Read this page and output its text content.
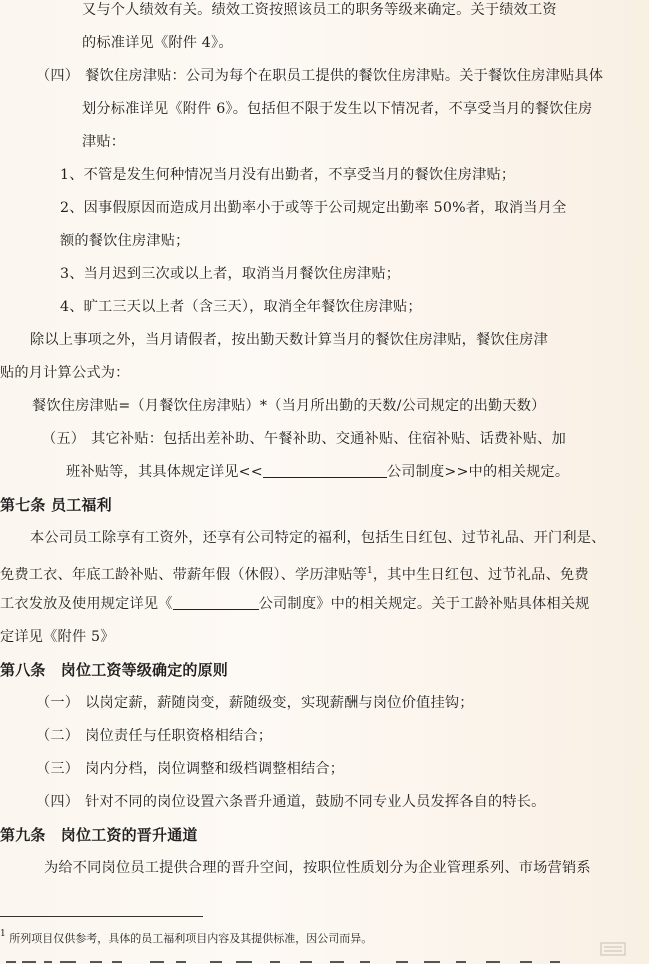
又与个人绩效有关。绩效工资按照该员工的职务等级来确定。关于绩效工资
的标准详见《附件 4》。
（四） 餐饮住房津贴：公司为每个在职员工提供的餐饮住房津贴。关于餐饮住房津贴具体
划分标准详见《附件 6》。包括但不限于发生以下情况者，不享受当月的餐饮住房
津贴：
1、不管是发生何种情况当月没有出勤者，不享受当月的餐饮住房津贴；
2、因事假原因而造成月出勤率小于或等于公司规定出勤率 50%者，取消当月全
额的餐饮住房津贴；
3、当月迟到三次或以上者，取消当月餐饮住房津贴；
4、旷工三天以上者（含三天），取消全年餐饮住房津贴；
除以上事项之外，当月请假者，按出勤天数计算当月的餐饮住房津贴，餐饮住房津
贴的月计算公式为：
餐饮住房津贴=（月餐饮住房津贴）*（当月所出勤的天数/公司规定的出勤天数）
（五） 其它补贴：包括出差补助、午餐补助、交通补贴、住宿补贴、话费补贴、加
班补贴等，其具体规定详见<<	公司制度>>中的相关规定。
第七条 员工福利
本公司员工除享有工资外，还享有公司特定的福利，包括生日红包、过节礼品、开门利是、
免费工衣、年底工龄补贴、带薪年假（休假）、学历津贴等$^1$，其中生日红包、过节礼品、免费
工衣发放及使用规定详见《	公司制度》中的相关规定。关于工龄补贴具体相关规
定详见《附件 5》
第八条　岗位工资等级确定的原则
（一） 以岗定薪，薪随岗变，薪随级变，实现薪酬与岗位价值挂钩；
（二） 岗位责任与任职资格相结合；
（三） 岗内分档，岗位调整和级档调整相结合；
（四） 针对不同的岗位设置六条晋升通道，鼓励不同专业人员发挥各自的特长。
第九条　岗位工资的晋升通道
为给不同岗位员工提供合理的晋升空间，按职位性质划分为企业管理系列、市场营销系
$^1$ 所列项目仅供参考，具体的员工福利项目内容及其提供标准，因公司而异。
